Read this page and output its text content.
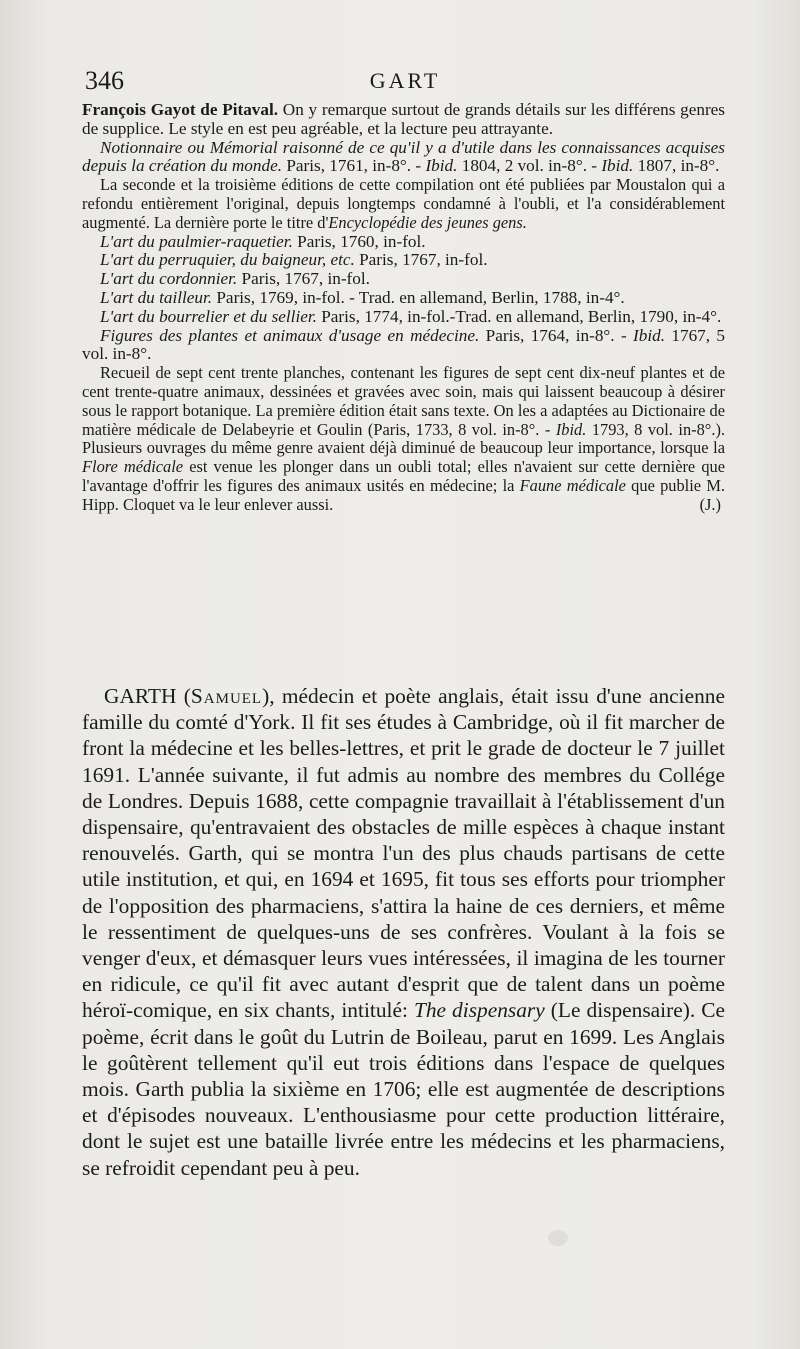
346	GART

François Gayot de Pitaval. On y remarque surtout de grands détails sur les différens genres de supplice. Le style en est peu agréable, et la lecture peu attrayante.

Notionnaire ou Mémorial raisonné de ce qu'il y a d'utile dans les connaissances acquises depuis la création du monde. Paris, 1761, in-8°. - Ibid. 1804, 2 vol. in-8°. - Ibid. 1807, in-8°.

La seconde et la troisième éditions de cette compilation ont été publiées par Moustalon qui a refondu entièrement l'original, depuis longtemps condamné à l'oubli, et l'a considérablement augmenté. La dernière porte le titre d'Encyclopédie des jeunes gens.

L'art du paulmier-raquetier. Paris, 1760, in-fol.

L'art du perruquier, du baigneur, etc. Paris, 1767, in-fol.

L'art du cordonnier. Paris, 1767, in-fol.

L'art du tailleur. Paris, 1769, in-fol. - Trad. en allemand, Berlin, 1788, in-4°.

L'art du bourrelier et du sellier. Paris, 1774, in-fol.-Trad. en allemand, Berlin, 1790, in-4°.

Figures des plantes et animaux d'usage en médecine. Paris, 1764, in-8°. - Ibid. 1767, 5 vol. in-8°.

Recueil de sept cent trente planches, contenant les figures de sept cent dix-neuf plantes et de cent trente-quatre animaux, dessinées et gravées avec soin, mais qui laissent beaucoup à désirer sous le rapport botanique. La première édition était sans texte. On les a adaptées au Dictionaire de matière médicale de Delabeyrie et Goulin (Paris, 1733, 8 vol. in-8°. - Ibid. 1793, 8 vol. in-8°.). Plusieurs ouvrages du même genre avaient déjà diminué de beaucoup leur importance, lorsque la Flore médicale est venue les plonger dans un oubli total; elles n'avaient sur cette dernière que l'avantage d'offrir les figures des animaux usités en médecine; la Faune médicale que publie M. Hipp. Cloquet va le leur enlever aussi.	(J.)

GARTH (Samuel), médecin et poète anglais, était issu d'une ancienne famille du comté d'York. Il fit ses études à Cambridge, où il fit marcher de front la médecine et les belles-lettres, et prit le grade de docteur le 7 juillet 1691. L'année suivante, il fut admis au nombre des membres du Collége de Londres. Depuis 1688, cette compagnie travaillait à l'établissement d'un dispensaire, qu'entravaient des obstacles de mille espèces à chaque instant renouvelés. Garth, qui se montra l'un des plus chauds partisans de cette utile institution, et qui, en 1694 et 1695, fit tous ses efforts pour triompher de l'opposition des pharmaciens, s'attira la haine de ces derniers, et même le ressentiment de quelques-uns de ses confrères. Voulant à la fois se venger d'eux, et démasquer leurs vues intéressées, il imagina de les tourner en ridicule, ce qu'il fit avec autant d'esprit que de talent dans un poème héroï-comique, en six chants, intitulé: The dispensary (Le dispensaire). Ce poème, écrit dans le goût du Lutrin de Boileau, parut en 1699. Les Anglais le goûtèrent tellement qu'il eut trois éditions dans l'espace de quelques mois. Garth publia la sixième en 1706; elle est augmentée de descriptions et d'épisodes nouveaux. L'enthousiasme pour cette production littéraire, dont le sujet est une bataille livrée entre les médecins et les pharmaciens, se refroidit cependant peu à peu.
